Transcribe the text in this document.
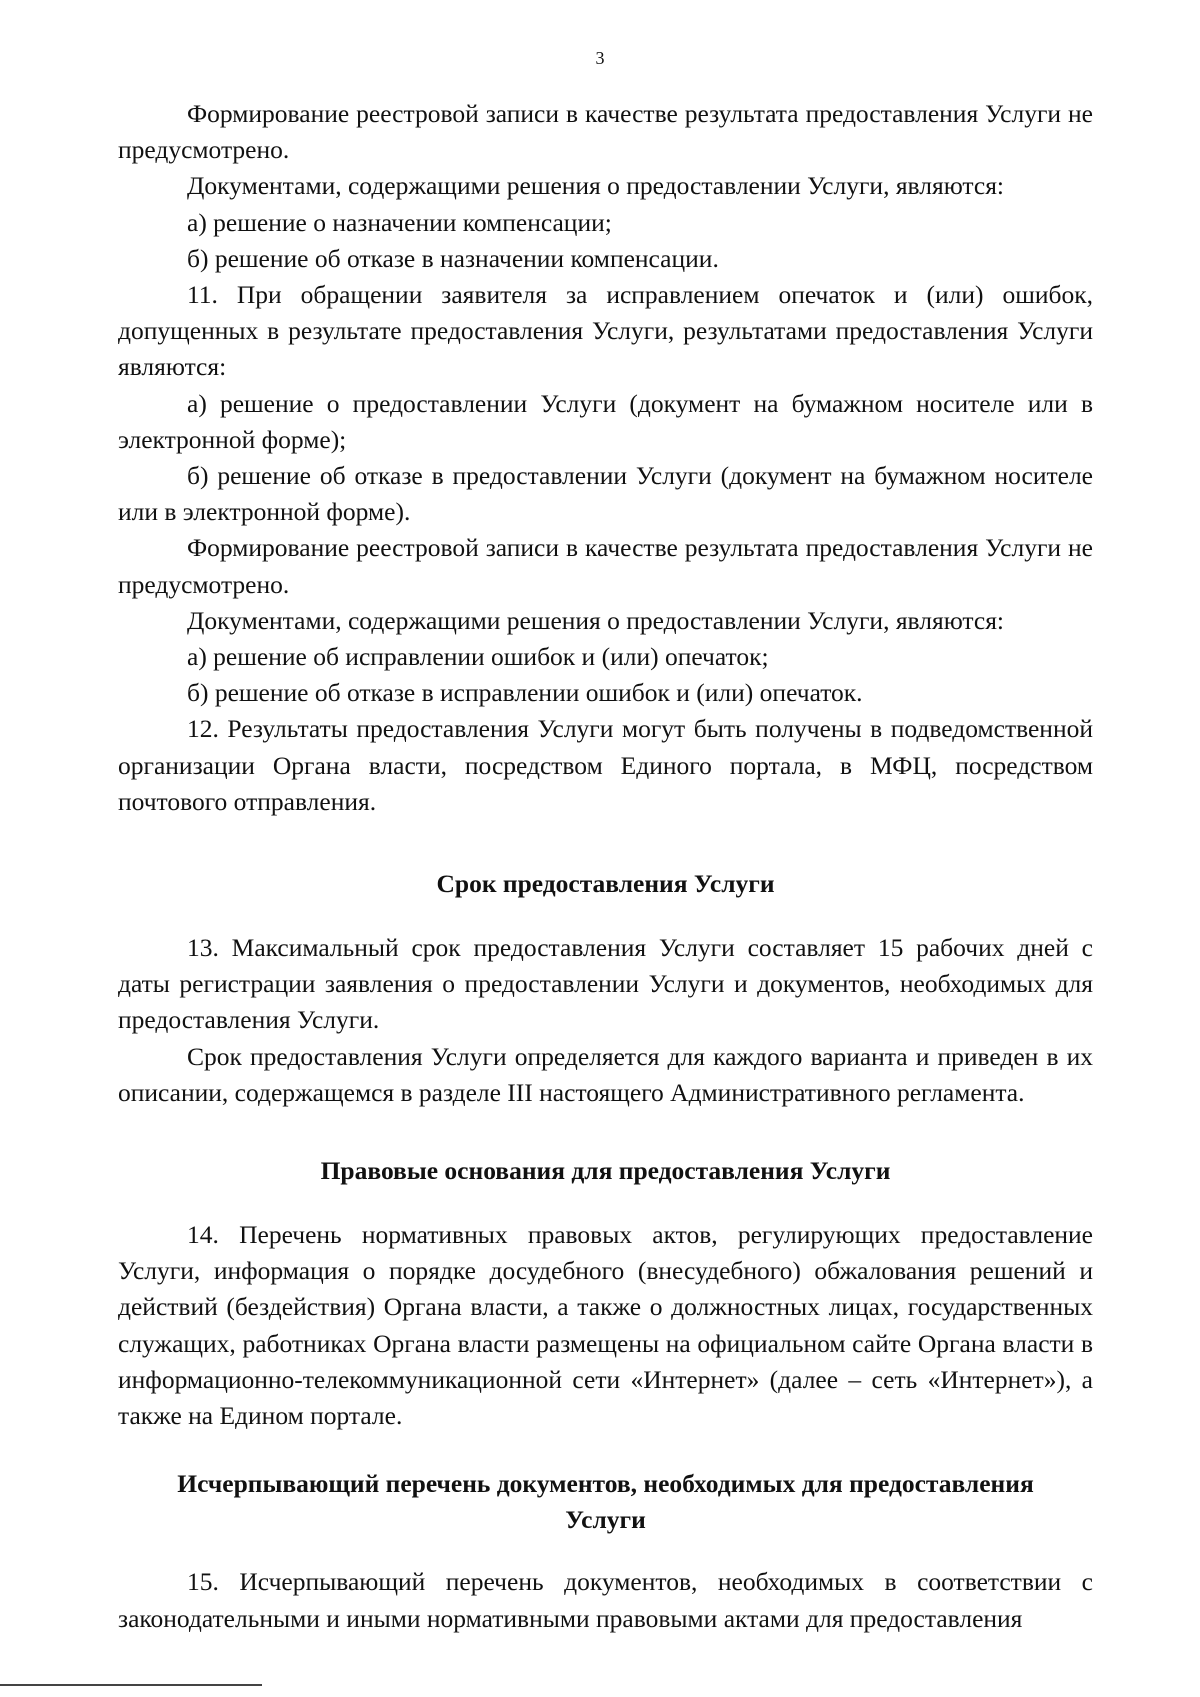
3

Формирование реестровой записи в качестве результата предоставления Услуги не предусмотрено.

Документами, содержащими решения о предоставлении Услуги, являются:

а) решение о назначении компенсации;

б) решение об отказе в назначении компенсации.

11. При обращении заявителя за исправлением опечаток и (или) ошибок, допущенных в результате предоставления Услуги, результатами предоставления Услуги являются:

а) решение о предоставлении Услуги (документ на бумажном носителе или в электронной форме);

б) решение об отказе в предоставлении Услуги (документ на бумажном носителе или в электронной форме).

Формирование реестровой записи в качестве результата предоставления Услуги не предусмотрено.

Документами, содержащими решения о предоставлении Услуги, являются:

а) решение об исправлении ошибок и (или) опечаток;

б) решение об отказе в исправлении ошибок и (или) опечаток.

12. Результаты предоставления Услуги могут быть получены в подведомственной организации Органа власти, посредством Единого портала, в МФЦ, посредством почтового отправления.

Срок предоставления Услуги

13. Максимальный срок предоставления Услуги составляет 15 рабочих дней с даты регистрации заявления о предоставлении Услуги и документов, необходимых для предоставления Услуги.

Срок предоставления Услуги определяется для каждого варианта и приведен в их описании, содержащемся в разделе III настоящего Административного регламента.

Правовые основания для предоставления Услуги

14. Перечень нормативных правовых актов, регулирующих предоставление Услуги, информация о порядке досудебного (внесудебного) обжалования решений и действий (бездействия) Органа власти, а также о должностных лицах, государственных служащих, работниках Органа власти размещены на официальном сайте Органа власти в информационно-телекоммуникационной сети «Интернет» (далее – сеть «Интернет»), а также на Едином портале.

Исчерпывающий перечень документов, необходимых для предоставления Услуги

15. Исчерпывающий перечень документов, необходимых в соответствии с законодательными и иными нормативными правовыми актами для предоставления
